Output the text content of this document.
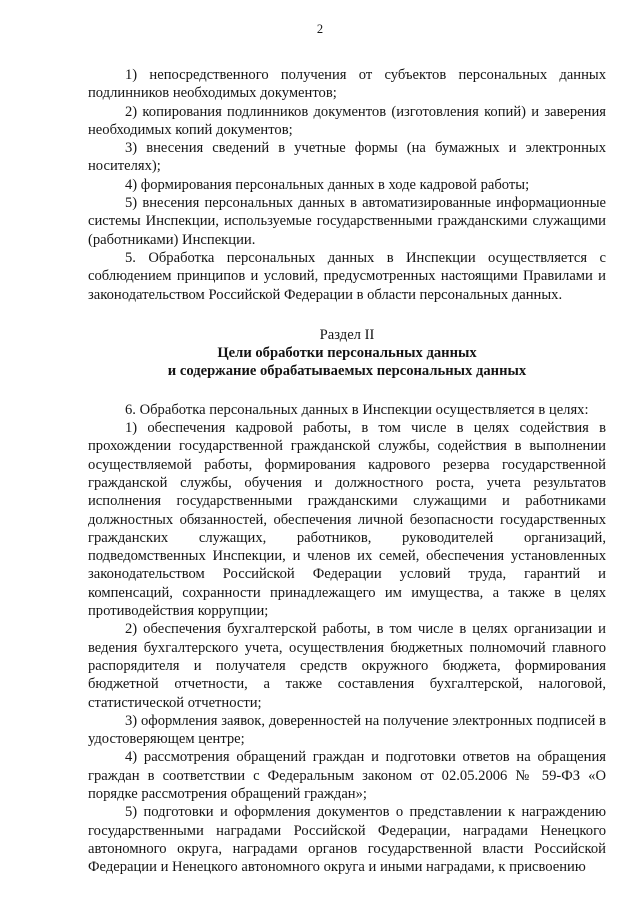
2

1) непосредственного получения от субъектов персональных данных подлинников необходимых документов;

2) копирования подлинников документов (изготовления копий) и заверения необходимых копий документов;

3) внесения сведений в учетные формы (на бумажных и электронных носителях);

4) формирования персональных данных в ходе кадровой работы;

5) внесения персональных данных в автоматизированные информационные системы Инспекции, используемые государственными гражданскими служащими (работниками) Инспекции.

5. Обработка персональных данных в Инспекции осуществляется с соблюдением принципов и условий, предусмотренных настоящими Правилами и законодательством Российской Федерации в области персональных данных.

Раздел II
Цели обработки персональных данных
и содержание обрабатываемых персональных данных

6. Обработка персональных данных в Инспекции осуществляется в целях:

1) обеспечения кадровой работы, в том числе в целях содействия в прохождении государственной гражданской службы, содействия в выполнении осуществляемой работы, формирования кадрового резерва государственной гражданской службы, обучения и должностного роста, учета результатов исполнения государственными гражданскими служащими и работниками должностных обязанностей, обеспечения личной безопасности государственных гражданских служащих, работников, руководителей организаций, подведомственных Инспекции, и членов их семей, обеспечения установленных законодательством Российской Федерации условий труда, гарантий и компенсаций, сохранности принадлежащего им имущества, а также в целях противодействия коррупции;

2) обеспечения бухгалтерской работы, в том числе в целях организации и ведения бухгалтерского учета, осуществления бюджетных полномочий главного распорядителя и получателя средств окружного бюджета, формирования бюджетной отчетности, а также составления бухгалтерской, налоговой, статистической отчетности;

3) оформления заявок, доверенностей на получение электронных подписей в удостоверяющем центре;

4) рассмотрения обращений граждан и подготовки ответов на обращения граждан в соответствии с Федеральным законом от 02.05.2006 № 59-ФЗ «О порядке рассмотрения обращений граждан»;

5) подготовки и оформления документов о представлении к награждению государственными наградами Российской Федерации, наградами Ненецкого автономного округа, наградами органов государственной власти Российской Федерации и Ненецкого автономного округа и иными наградами, к присвоению
